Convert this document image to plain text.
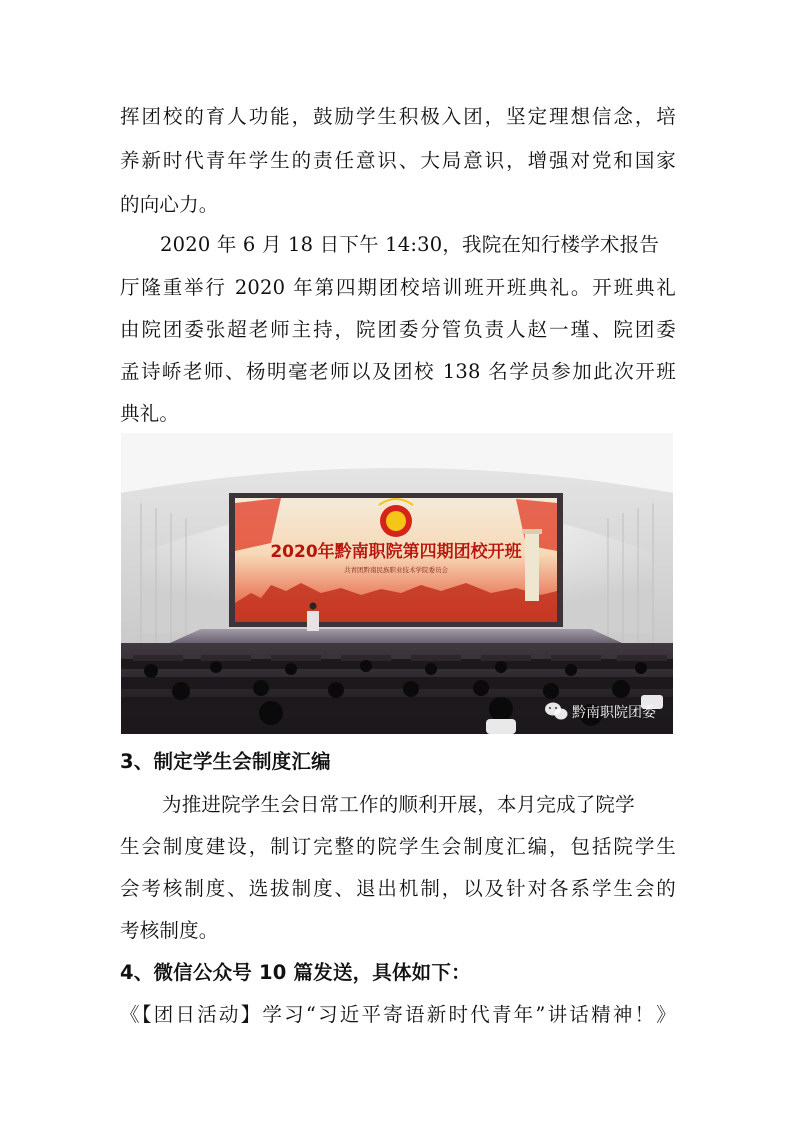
挥团校的育人功能，鼓励学生积极入团，坚定理想信念，培
养新时代青年学生的责任意识、大局意识，增强对党和国家
的向心力。
2020 年 6 月 18 日下午 14:30，我院在知行楼学术报告
厅隆重举行 2020 年第四期团校培训班开班典礼。开班典礼
由院团委张超老师主持，院团委分管负责人赵一瑾、院团委
孟诗峤老师、杨明毫老师以及团校 138 名学员参加此次开班
典礼。
2020年黔南职院第四期团校开班
共青团黔南民族职业技术学院委员会
黔南职院团委
3、制定学生会制度汇编
为推进院学生会日常工作的顺利开展，本月完成了院学
生会制度建设，制订完整的院学生会制度汇编，包括院学生
会考核制度、选拔制度、退出机制，以及针对各系学生会的
考核制度。
4、微信公众号 10 篇发送，具体如下：
《【团日活动】学习“习近平寄语新时代青年”讲话精神！》
